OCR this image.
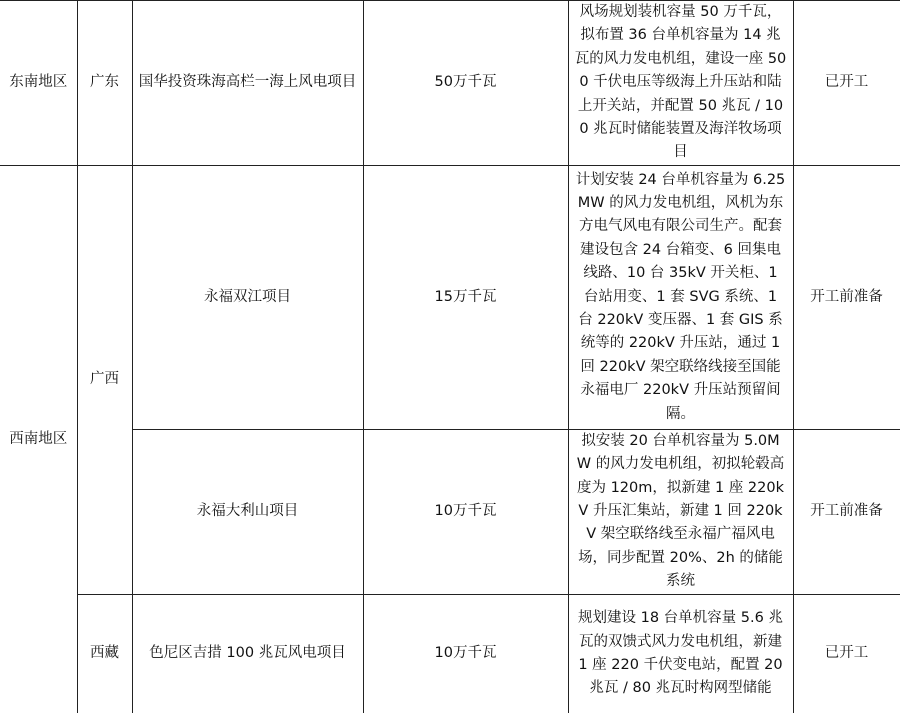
东南地区	广东	国华投资珠海高栏一海上风电项目	50万千瓦	风场规划装机容量 50 万千瓦，拟布置 36 台单机容量为 14 兆瓦的风力发电机组，建设一座 500 千伏电压等级海上升压站和陆上开关站，并配置 50 兆瓦 / 100 兆瓦时储能装置及海洋牧场项目	已开工
西南地区	广西	永福双江项目	15万千瓦	计划安装 24 台单机容量为 6.25MW 的风力发电机组，风机为东方电气风电有限公司生产。配套建设包含 24 台箱变、6 回集电线路、10 台 35kV 开关柜、1 台站用变、1 套 SVG 系统、1 台 220kV 变压器、1 套 GIS 系统等的 220kV 升压站，通过 1 回 220kV 架空联络线接至国能永福电厂 220kV 升压站预留间隔。	开工前准备
		永福大利山项目	10万千瓦	拟安装 20 台单机容量为 5.0MW 的风力发电机组，初拟轮毂高度为 120m，拟新建 1 座 220kV 升压汇集站，新建 1 回 220kV 架空联络线至永福广福风电场，同步配置 20%、2h 的储能系统	开工前准备
	西藏	色尼区吉措 100 兆瓦风电项目	10万千瓦	规划建设 18 台单机容量 5.6 兆瓦的双馈式风力发电机组，新建 1 座 220 千伏变电站，配置 20 兆瓦 / 80 兆瓦时构网型储能	已开工
